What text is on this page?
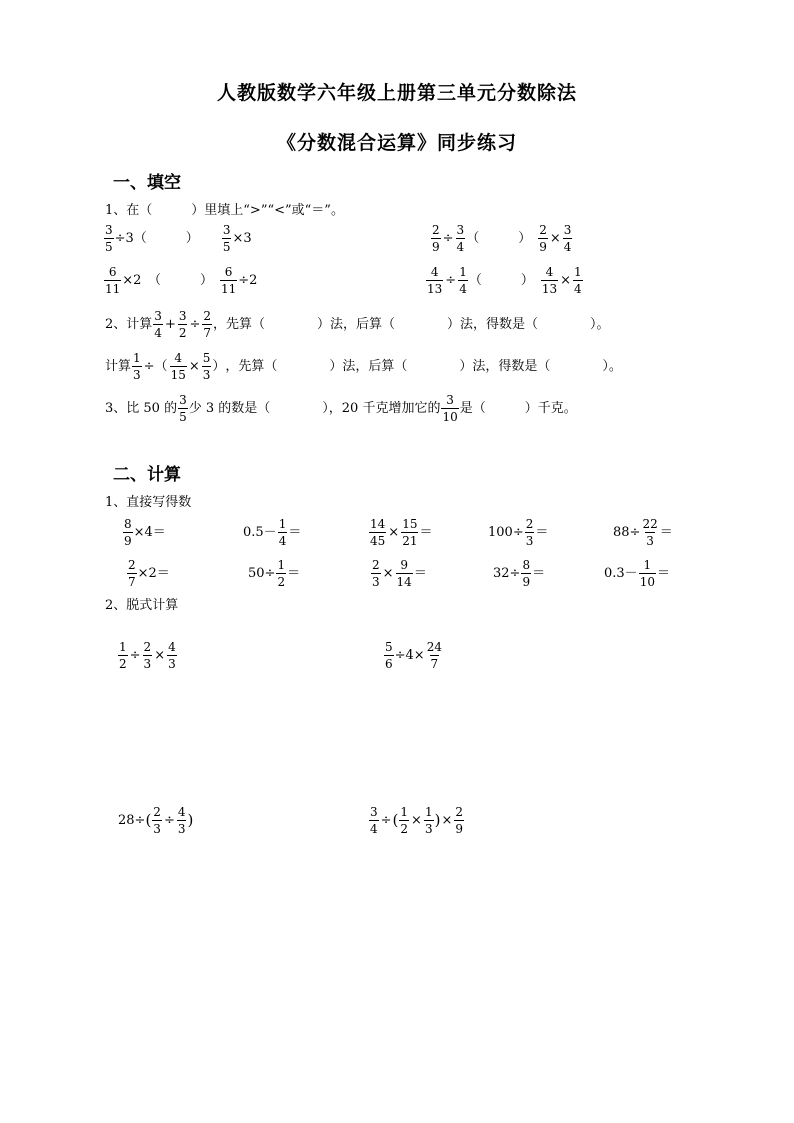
人教版数学六年级上册第三单元分数除法
《分数混合运算》同步练习
一、填空
1、在（　　　）里填上“>”“<”或“＝”。
$\frac{3}{5} \div 3$（　　　） $\frac{3}{5} \times 3$	$\frac{2}{9} \div \frac{3}{4}$ （　　　） $\frac{2}{9} \times \frac{3}{4}$
$\frac{6}{11} \times 2$　（　　　） $\frac{6}{11} \div 2$	$\frac{4}{13} \div \frac{1}{4}$ （　　　） $\frac{4}{13} \times \frac{1}{4}$
2、 计算 $\frac{3}{4} + \frac{3}{2} \div \frac{2}{7}$ ，先算（　　　　）法，后算（　　　　）法，得数是（　　　　）。
计算 $\frac{1}{3}$ ÷（ $\frac{4}{15} \times \frac{5}{3}$ ） ，先算（　　　　）法，后算（　　　　）法，得数是（　　　　）。
3、 比 50 的 $\frac{3}{5}$ 少 3 的数是（　　　　），20 千克增加它的 $\frac{3}{10}$ 是（　　　）千克。
二、计算
1、直接写得数
$\frac{8}{9} \times 4=$	$0.5- \frac{1}{4}$ ＝	$\frac{14}{45} \times \frac{15}{21}$ ＝	$100\div \frac{2}{3}$ ＝	$88\div \frac{22}{3}$ ＝
$\frac{2}{7} \times 2=$	$50\div \frac{1}{2}$ ＝	$\frac{2}{3} \times \frac{9}{14}$ ＝	$32\div \frac{8}{9}$ ＝	$0.3- \frac{1}{10}$ ＝
2、脱式计算
$\frac{1}{2} \div \frac{2}{3} \times \frac{4}{3}$	$\frac{5}{6} \div 4\times \frac{24}{7}$
28÷ ( $\frac{2}{3} \div \frac{4}{3}$ )	$\frac{3}{4}$ ÷ ( $\frac{1}{2} \times \frac{1}{3}$ ) × $\frac{2}{9}$
